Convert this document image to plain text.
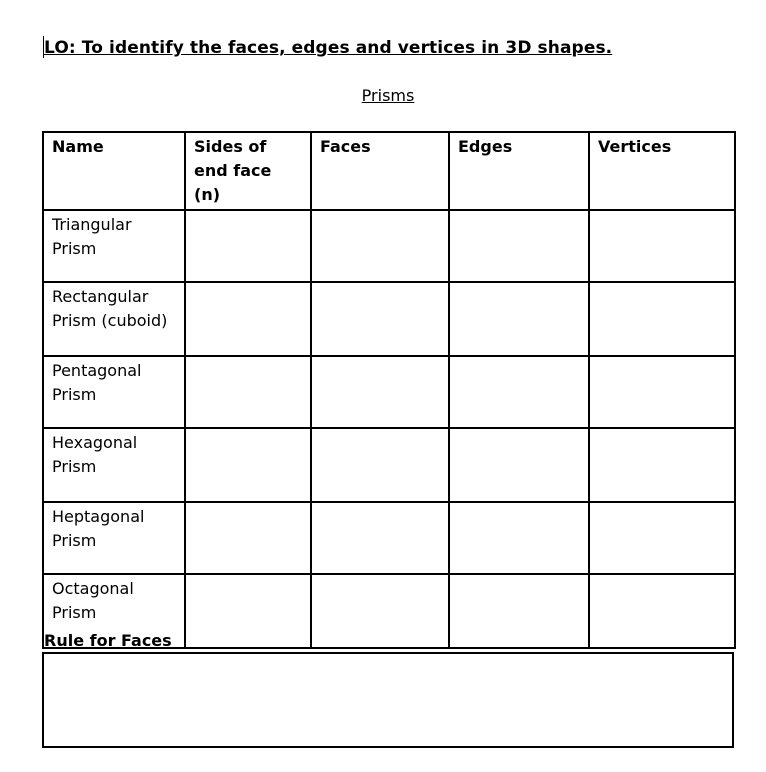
LO: To identify the faces, edges and vertices in 3D shapes.
Prisms
Name	Sides of end face (n)	Faces	Edges	Vertices
Triangular Prism				
Rectangular Prism (cuboid)				
Pentagonal Prism				
Hexagonal Prism				
Heptagonal Prism				
Octagonal Prism				
Rule for Faces
